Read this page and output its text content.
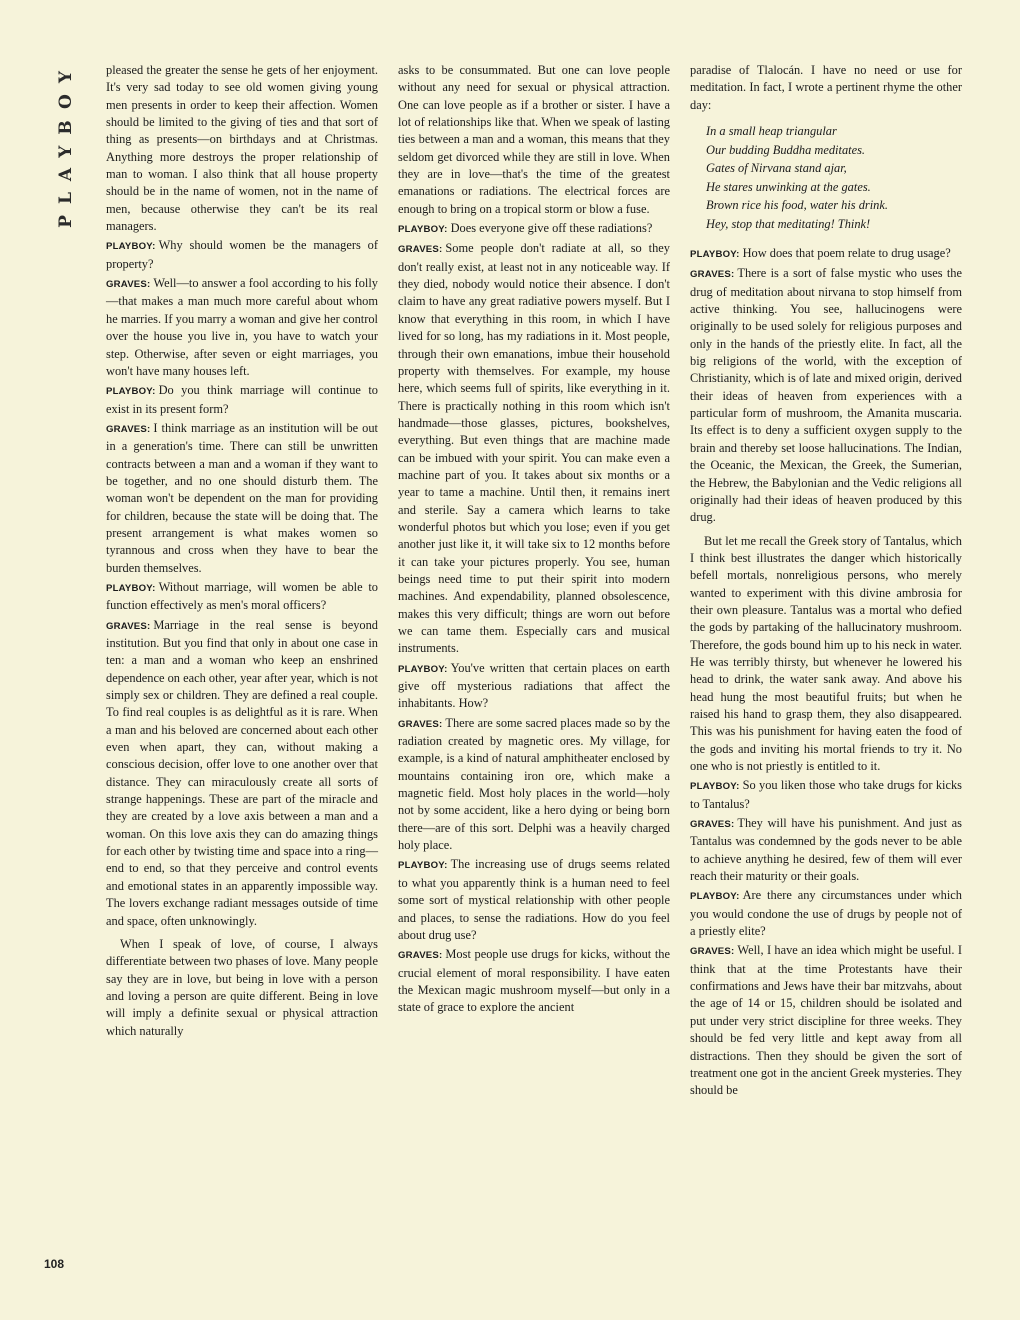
PLAYBOY
108

pleased the greater the sense he gets of her enjoyment. It's very sad today to see old women giving young men presents in order to keep their affection. Women should be limited to the giving of ties and that sort of thing as presents—on birthdays and at Christmas. Anything more destroys the proper relationship of man to woman. I also think that all house property should be in the name of women, not in the name of men, because otherwise they can't be its real managers.

PLAYBOY: Why should women be the managers of property?

GRAVES: Well—to answer a fool according to his folly—that makes a man much more careful about whom he marries. If you marry a woman and give her control over the house you live in, you have to watch your step. Otherwise, after seven or eight marriages, you won't have many houses left.

PLAYBOY: Do you think marriage will continue to exist in its present form?

GRAVES: I think marriage as an institution will be out in a generation's time. There can still be unwritten contracts between a man and a woman if they want to be together, and no one should disturb them. The woman won't be dependent on the man for providing for children, because the state will be doing that. The present arrangement is what makes women so tyrannous and cross when they have to bear the burden themselves.

PLAYBOY: Without marriage, will women be able to function effectively as men's moral officers?

GRAVES: Marriage in the real sense is beyond institution. But you find that only in about one case in ten: a man and a woman who keep an enshrined dependence on each other, year after year, which is not simply sex or children. They are defined a real couple. To find real couples is as delightful as it is rare. When a man and his beloved are concerned about each other even when apart, they can, without making a conscious decision, offer love to one another over that distance. They can miraculously create all sorts of strange happenings. These are part of the miracle and they are created by a love axis between a man and a woman. On this love axis they can do amazing things for each other by twisting time and space into a ring—end to end, so that they perceive and control events and emotional states in an apparently impossible way. The lovers exchange radiant messages outside of time and space, often unknowingly.

When I speak of love, of course, I always differentiate between two phases of love. Many people say they are in love, but being in love with a person and loving a person are quite different. Being in love will imply a definite sexual or physical attraction which naturally

asks to be consummated. But one can love people without any need for sexual or physical attraction. One can love people as if a brother or sister. I have a lot of relationships like that. When we speak of lasting ties between a man and a woman, this means that they seldom get divorced while they are still in love. When they are in love—that's the time of the greatest emanations or radiations. The electrical forces are enough to bring on a tropical storm or blow a fuse.

PLAYBOY: Does everyone give off these radiations?

GRAVES: Some people don't radiate at all, so they don't really exist, at least not in any noticeable way. If they died, nobody would notice their absence. I don't claim to have any great radiative powers myself. But I know that everything in this room, in which I have lived for so long, has my radiations in it. Most people, through their own emanations, imbue their household property with themselves. For example, my house here, which seems full of spirits, like everything in it. There is practically nothing in this room which isn't handmade—those glasses, pictures, bookshelves, everything. But even things that are machine made can be imbued with your spirit. You can make even a machine part of you. It takes about six months or a year to tame a machine. Until then, it remains inert and sterile. Say a camera which learns to take wonderful photos but which you lose; even if you get another just like it, it will take six to 12 months before it can take your pictures properly. You see, human beings need time to put their spirit into modern machines. And expendability, planned obsolescence, makes this very difficult; things are worn out before we can tame them. Especially cars and musical instruments.

PLAYBOY: You've written that certain places on earth give off mysterious radiations that affect the inhabitants. How?

GRAVES: There are some sacred places made so by the radiation created by magnetic ores. My village, for example, is a kind of natural amphitheater enclosed by mountains containing iron ore, which make a magnetic field. Most holy places in the world—holy not by some accident, like a hero dying or being born there—are of this sort. Delphi was a heavily charged holy place.

PLAYBOY: The increasing use of drugs seems related to what you apparently think is a human need to feel some sort of mystical relationship with other people and places, to sense the radiations. How do you feel about drug use?

GRAVES: Most people use drugs for kicks, without the crucial element of moral responsibility. I have eaten the Mexican magic mushroom myself—but only in a state of grace to explore the ancient

paradise of Tlalocán. I have no need or use for meditation. In fact, I wrote a pertinent rhyme the other day:

In a small heap triangular
Our budding Buddha meditates.
Gates of Nirvana stand ajar,
He stares unwinking at the gates.
Brown rice his food, water his drink.
Hey, stop that meditating! Think!

PLAYBOY: How does that poem relate to drug usage?

GRAVES: There is a sort of false mystic who uses the drug of meditation about nirvana to stop himself from active thinking. You see, hallucinogens were originally to be used solely for religious purposes and only in the hands of the priestly elite. In fact, all the big religions of the world, with the exception of Christianity, which is of late and mixed origin, derived their ideas of heaven from experiences with a particular form of mushroom, the Amanita muscaria. Its effect is to deny a sufficient oxygen supply to the brain and thereby set loose hallucinations. The Indian, the Oceanic, the Mexican, the Greek, the Sumerian, the Hebrew, the Babylonian and the Vedic religions all originally had their ideas of heaven produced by this drug.

But let me recall the Greek story of Tantalus, which I think best illustrates the danger which historically befell mortals, nonreligious persons, who merely wanted to experiment with this divine ambrosia for their own pleasure. Tantalus was a mortal who defied the gods by partaking of the hallucinatory mushroom. Therefore, the gods bound him up to his neck in water. He was terribly thirsty, but whenever he lowered his head to drink, the water sank away. And above his head hung the most beautiful fruits; but when he raised his hand to grasp them, they also disappeared. This was his punishment for having eaten the food of the gods and inviting his mortal friends to try it. No one who is not priestly is entitled to it.

PLAYBOY: So you liken those who take drugs for kicks to Tantalus?

GRAVES: They will have his punishment. And just as Tantalus was condemned by the gods never to be able to achieve anything he desired, few of them will ever reach their maturity or their goals.

PLAYBOY: Are there any circumstances under which you would condone the use of drugs by people not of a priestly elite?

GRAVES: Well, I have an idea which might be useful. I think that at the time Protestants have their confirmations and Jews have their bar mitzvahs, about the age of 14 or 15, children should be isolated and put under very strict discipline for three weeks. They should be fed very little and kept away from all distractions. Then they should be given the sort of treatment one got in the ancient Greek mysteries. They should be
